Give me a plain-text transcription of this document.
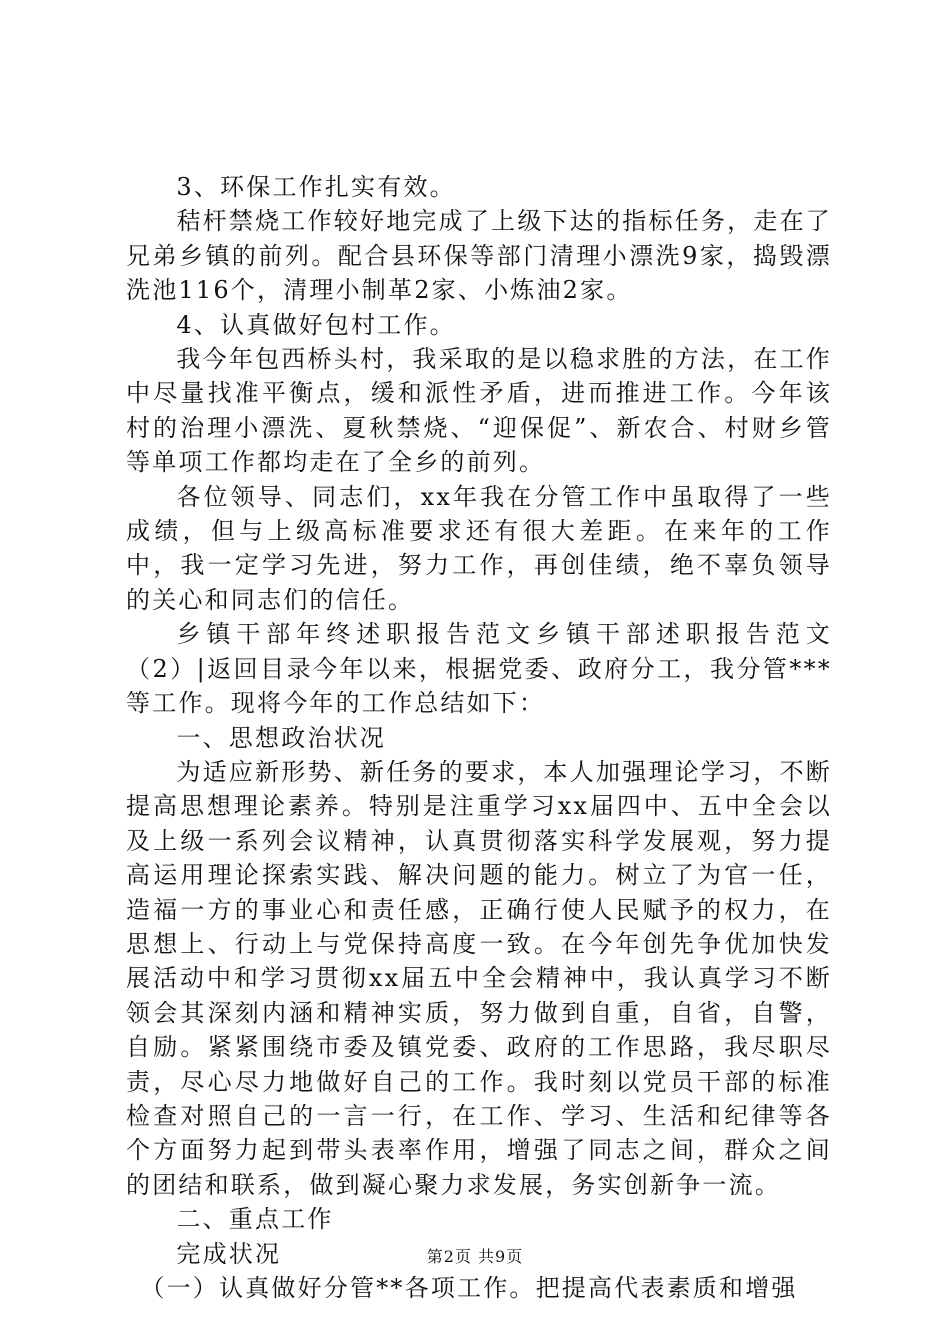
3、环保工作扎实有效。

秸杆禁烧工作较好地完成了上级下达的指标任务，走在了兄弟乡镇的前列。配合县环保等部门清理小漂洗9家，捣毁漂洗池116个，清理小制革2家、小炼油2家。

4、认真做好包村工作。

我今年包西桥头村，我采取的是以稳求胜的方法，在工作中尽量找准平衡点，缓和派性矛盾，进而推进工作。今年该村的治理小漂洗、夏秋禁烧、“迎保促”、新农合、村财乡管等单项工作都均走在了全乡的前列。

各位领导、同志们，xx年我在分管工作中虽取得了一些成绩，但与上级高标准要求还有很大差距。在来年的工作中，我一定学习先进，努力工作，再创佳绩，绝不辜负领导的关心和同志们的信任。

乡镇干部年终述职报告范文乡镇干部述职报告范文（2）|返回目录今年以来，根据党委、政府分工，我分管***等工作。现将今年的工作总结如下：

一、思想政治状况

为适应新形势、新任务的要求，本人加强理论学习，不断提高思想理论素养。特别是注重学习xx届四中、五中全会以及上级一系列会议精神，认真贯彻落实科学发展观，努力提高运用理论探索实践、解决问题的能力。树立了为官一任，造福一方的事业心和责任感，正确行使人民赋予的权力，在思想上、行动上与党保持高度一致。在今年创先争优加快发展活动中和学习贯彻xx届五中全会精神中，我认真学习不断领会其深刻内涵和精神实质，努力做到自重，自省，自警，自励。紧紧围绕市委及镇党委、政府的工作思路，我尽职尽责，尽心尽力地做好自己的工作。我时刻以党员干部的标准检查对照自己的一言一行，在工作、学习、生活和纪律等各个方面努力起到带头表率作用，增强了同志之间，群众之间的团结和联系，做到凝心聚力求发展，务实创新争一流。

二、重点工作

完成状况

（一）认真做好分管**各项工作。把提高代表素质和增强

第2页 共9页
